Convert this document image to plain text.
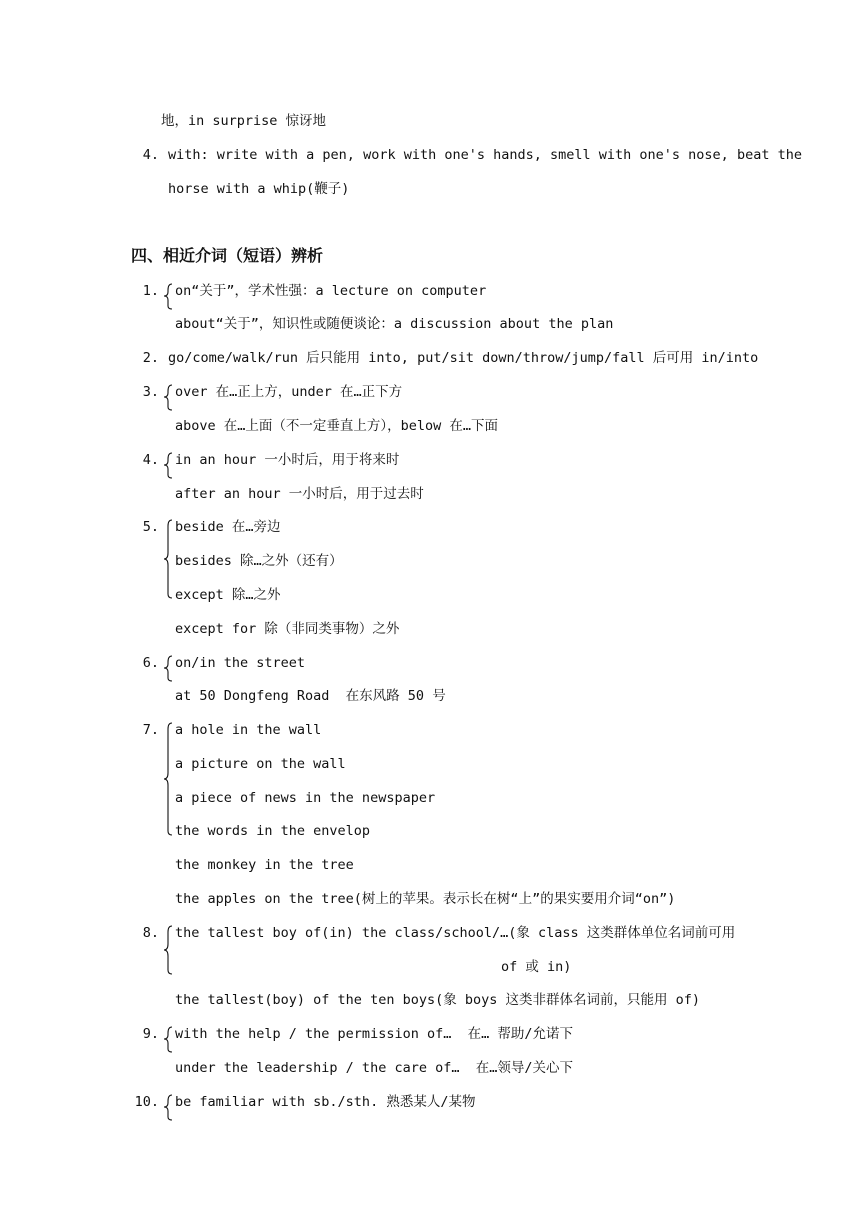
地，in surprise 惊讶地
4. with: write with a pen, work with one's hands, smell with one's nose, beat the
horse with a whip(鞭子)
四、相近介词（短语）辨析
1. on“关于”，学术性强：a lecture on computer
about“关于”，知识性或随便谈论：a discussion about the plan
2. go/come/walk/run 后只能用 into, put/sit down/throw/jump/fall 后可用 in/into
3. over 在…正上方，under 在…正下方
above 在…上面（不一定垂直上方），below 在…下面
4. in an hour 一小时后，用于将来时
after an hour 一小时后，用于过去时
5. beside 在…旁边
besides 除…之外（还有）
except 除…之外
except for 除（非同类事物）之外
6. on/in the street
at 50 Dongfeng Road  在东风路 50 号
7. a hole in the wall
a picture on the wall
a piece of news in the newspaper
the words in the envelop
the monkey in the tree
the apples on the tree(树上的苹果。表示长在树“上”的果实要用介词“on”)
8. the tallest boy of(in) the class/school/…(象 class 这类群体单位名词前可用
of 或 in)
the tallest(boy) of the ten boys(象 boys 这类非群体名词前，只能用 of)
9. with the help / the permission of…  在… 帮助/允诺下
under the leadership / the care of…  在…领导/关心下
10. be familiar with sb./sth. 熟悉某人/某物
